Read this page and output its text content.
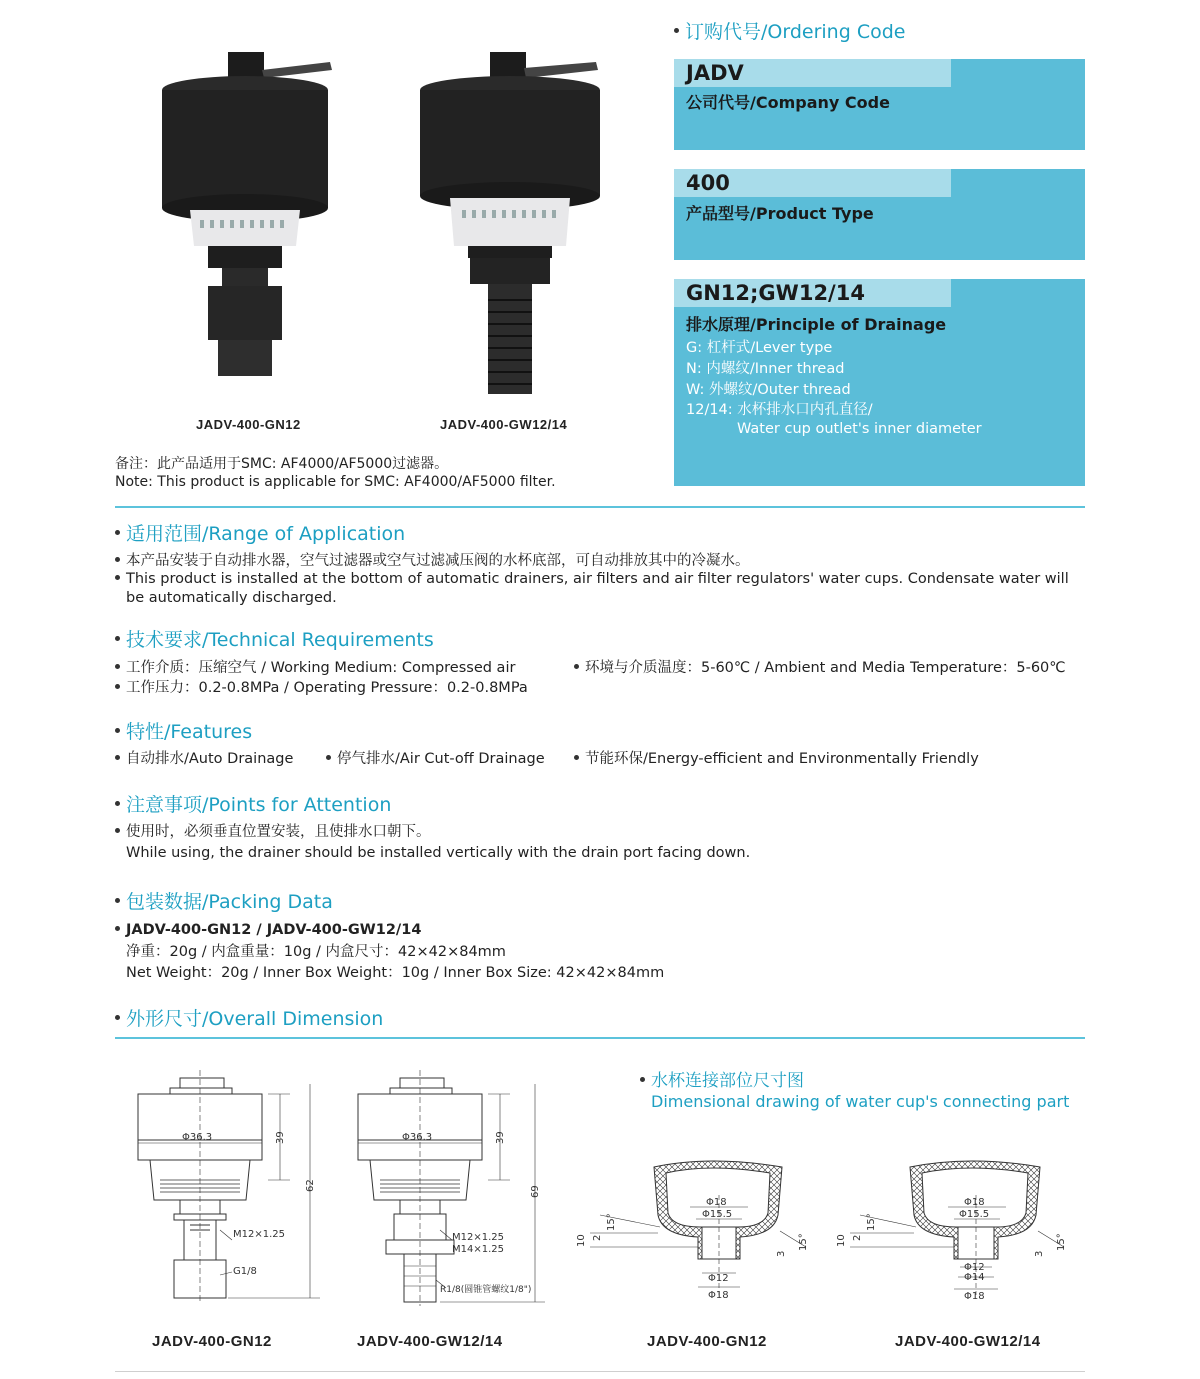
JADV-400-GN12	JADV-400-GW12/14
备注：此产品适用于SMC: AF4000/AF5000过滤器。
Note: This product is applicable for SMC: AF4000/AF5000 filter.
订购代号/Ordering Code
JADV
公司代号/Company Code
400
产品型号/Product Type
GN12;GW12/14
排水原理/Principle of Drainage
G: 杠杆式/Lever type
N: 内螺纹/Inner thread
W: 外螺纹/Outer thread
12/14: 水杯排水口内孔直径/
Water cup outlet's inner diameter
适用范围/Range of Application
本产品安装于自动排水器，空气过滤器或空气过滤减压阀的水杯底部，可自动排放其中的冷凝水。
This product is installed at the bottom of automatic drainers, air filters and air filter regulators' water cups. Condensate water will
be automatically discharged.
技术要求/Technical Requirements
工作介质：压缩空气 / Working Medium: Compressed air	环境与介质温度：5-60℃ / Ambient and Media Temperature：5-60℃
工作压力：0.2-0.8MPa / Operating Pressure：0.2-0.8MPa
特性/Features
自动排水/Auto Drainage	停气排水/Air Cut-off Drainage	节能环保/Energy-efficient and Environmentally Friendly
注意事项/Points for Attention
使用时，必须垂直位置安装，且使排水口朝下。
While using, the drainer should be installed vertically with the drain port facing down.
包装数据/Packing Data
JADV-400-GN12 / JADV-400-GW12/14
净重：20g / 内盒重量：10g / 内盒尺寸：42×42×84mm
Net Weight：20g / Inner Box Weight：10g / Inner Box Size: 42×42×84mm
外形尺寸/Overall Dimension
水杯连接部位尺寸图
Dimensional drawing of water cup's connecting part
Φ36.3	39
62
M12×1.25
G1/8
Φ36.3	39
69
M12×1.25
M14×1.25
R1/8(圆锥管螺纹1/8")
Φ18
Φ15.5
Φ12
Φ18
15°
10 2
3
15°
Φ18
Φ15.5
Φ12
Φ14
Φ18
15°
10 2
3
15°
JADV-400-GN12	JADV-400-GW12/14	JADV-400-GN12	JADV-400-GW12/14
